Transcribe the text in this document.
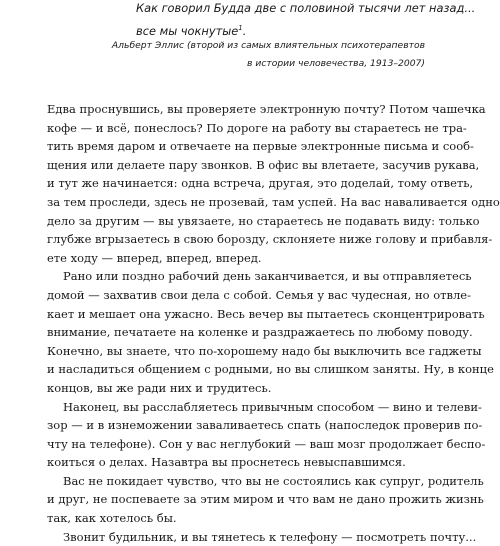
Как говорил Будда две с половиной тысячи лет назад...
все мы чокнутые$^1$.
Альберт Эллис (второй из самых влиятельных психотерапевтов
в истории человечества, 1913–2007)
Едва проснувшись, вы проверяете электронную почту? Потом чашечка
кофе — и всё, понеслось? По дороге на работу вы стараетесь не тра-
тить время даром и отвечаете на первые электронные письма и сооб-
щения или делаете пару звонков. В офис вы влетаете, засучив рукава,
и тут же начинается: одна встреча, другая, это доделай, тому ответь,
за тем проследи, здесь не прозевай, там успей. На вас наваливается одно
дело за другим — вы увязаете, но стараетесь не подавать виду: только
глубже вгрызаетесь в свою борозду, склоняете ниже голову и прибавля-
ете ходу — вперед, вперед, вперед.
Рано или поздно рабочий день заканчивается, и вы отправляетесь
домой — захватив свои дела с собой. Семья у вас чудесная, но отвле-
кает и мешает она ужасно. Весь вечер вы пытаетесь сконцентрировать
внимание, печатаете на коленке и раздражаетесь по любому поводу.
Конечно, вы знаете, что по-хорошему надо бы выключить все гаджеты
и насладиться общением с родными, но вы слишком заняты. Ну, в конце
концов, вы же ради них и трудитесь.
Наконец, вы расслабляетесь привычным способом — вино и телеви-
зор — и в изнеможении заваливаетесь спать (напоследок проверив по-
чту на телефоне). Сон у вас неглубокий — ваш мозг продолжает беспо-
коиться о делах. Назавтра вы проснетесь невыспавшимся.
Вас не покидает чувство, что вы не состоялись как супруг, родитель
и друг, не поспеваете за этим миром и что вам не дано прожить жизнь
так, как хотелось бы.
Звонит будильник, и вы тянетесь к телефону — посмотреть почту...
